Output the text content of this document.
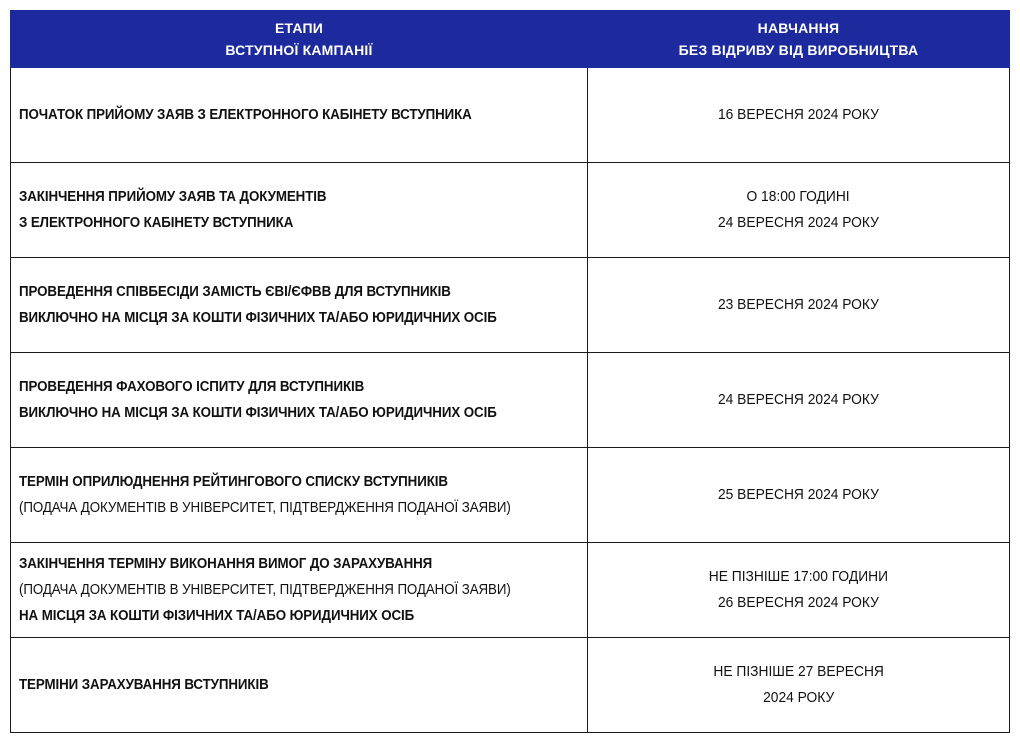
ЕТАПИ
ВСТУПНОЇ КАМПАНІЇ	НАВЧАННЯ
БЕЗ ВІДРИВУ ВІД ВИРОБНИЦТВА

ПОЧАТОК ПРИЙОМУ ЗАЯВ З ЕЛЕКТРОННОГО КАБІНЕТУ ВСТУПНИКА	16 ВЕРЕСНЯ 2024 РОКУ

ЗАКІНЧЕННЯ ПРИЙОМУ ЗАЯВ ТА ДОКУМЕНТІВ
З ЕЛЕКТРОННОГО КАБІНЕТУ ВСТУПНИКА	О 18:00 ГОДИНІ
24 ВЕРЕСНЯ 2024 РОКУ

ПРОВЕДЕННЯ СПІВБЕСІДИ ЗАМІСТЬ ЄВІ/ЄФВВ ДЛЯ ВСТУПНИКІВ
ВИКЛЮЧНО НА МІСЦЯ ЗА КОШТИ ФІЗИЧНИХ ТА/АБО ЮРИДИЧНИХ ОСІБ	23 ВЕРЕСНЯ 2024 РОКУ

ПРОВЕДЕННЯ ФАХОВОГО ІСПИТУ ДЛЯ ВСТУПНИКІВ
ВИКЛЮЧНО НА МІСЦЯ ЗА КОШТИ ФІЗИЧНИХ ТА/АБО ЮРИДИЧНИХ ОСІБ	24 ВЕРЕСНЯ 2024 РОКУ

ТЕРМІН ОПРИЛЮДНЕННЯ РЕЙТИНГОВОГО СПИСКУ ВСТУПНИКІВ
(ПОДАЧА ДОКУМЕНТІВ В УНІВЕРСИТЕТ, ПІДТВЕРДЖЕННЯ ПОДАНОЇ ЗАЯВИ)	25 ВЕРЕСНЯ 2024 РОКУ

ЗАКІНЧЕННЯ ТЕРМІНУ ВИКОНАННЯ ВИМОГ ДО ЗАРАХУВАННЯ
(ПОДАЧА ДОКУМЕНТІВ В УНІВЕРСИТЕТ, ПІДТВЕРДЖЕННЯ ПОДАНОЇ ЗАЯВИ)
НА МІСЦЯ ЗА КОШТИ ФІЗИЧНИХ ТА/АБО ЮРИДИЧНИХ ОСІБ	НЕ ПІЗНІШЕ 17:00 ГОДИНИ
26 ВЕРЕСНЯ 2024 РОКУ

ТЕРМІНИ ЗАРАХУВАННЯ ВСТУПНИКІВ	НЕ ПІЗНІШЕ 27 ВЕРЕСНЯ
2024 РОКУ
